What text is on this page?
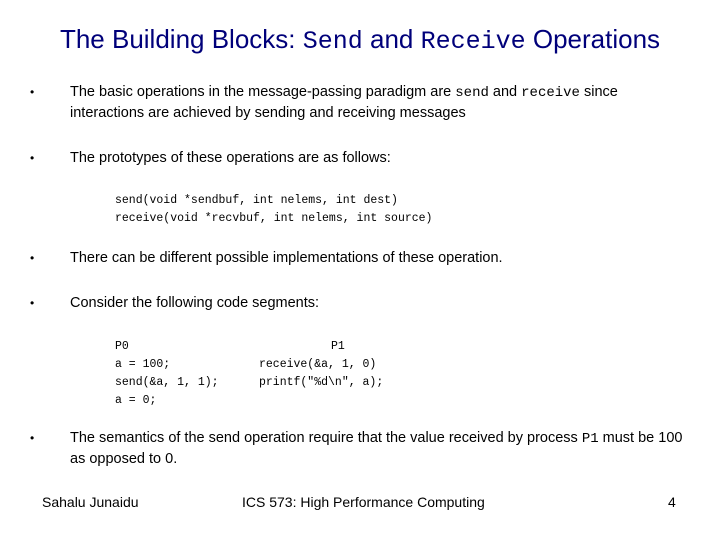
The Building Blocks: Send and Receive Operations
• The basic operations in the message-passing paradigm are send and receive since interactions are achieved by sending and receiving messages
• The prototypes of these operations are as follows:
send(void *sendbuf, int nelems, int dest)
receive(void *recvbuf, int nelems, int source)
• There can be different possible implementations of these operation.
• Consider the following code segments:
P0
a = 100;
send(&a, 1, 1);
a = 0;
P1
receive(&a, 1, 0)
printf("%d\n", a);
• The semantics of the send operation require that the value received by process P1 must be 100 as opposed to 0.
Sahalu Junaidu	ICS 573: High Performance Computing	4
